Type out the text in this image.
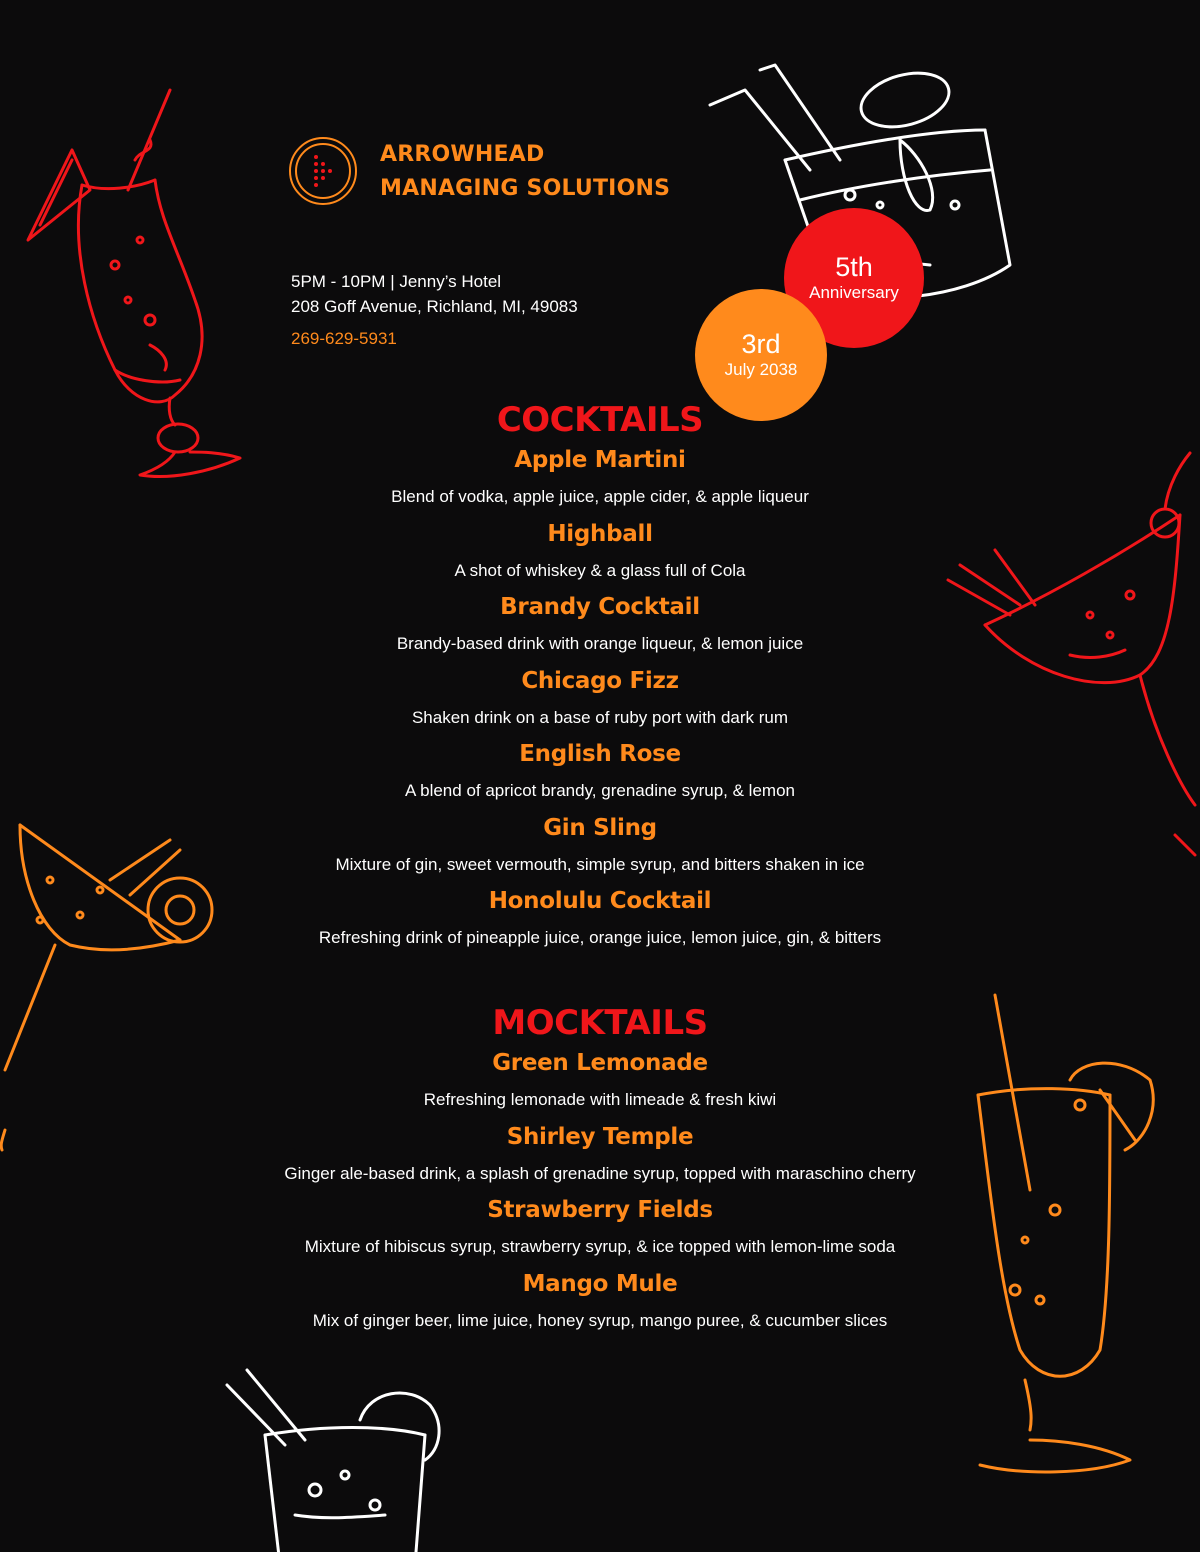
ARROWHEAD
MANAGING SOLUTIONS
5PM - 10PM | Jenny’s Hotel
208 Goff Avenue, Richland, MI, 49083
269-629-5931
5th
Anniversary
3rd
July 2038
COCKTAILS

Apple Martini

Blend of vodka, apple juice, apple cider, & apple liqueur

Highball

A shot of whiskey & a glass full of Cola

Brandy Cocktail

Brandy-based drink with orange liqueur, & lemon juice

Chicago Fizz

Shaken drink on a base of ruby port with dark rum

English Rose

A blend of apricot brandy, grenadine syrup, & lemon

Gin Sling

Mixture of gin, sweet vermouth, simple syrup, and bitters shaken in ice

Honolulu Cocktail

Refreshing drink of pineapple juice, orange juice, lemon juice, gin, & bitters

MOCKTAILS

Green Lemonade

Refreshing lemonade with limeade & fresh kiwi

Shirley Temple

Ginger ale-based drink, a splash of grenadine syrup, topped with maraschino cherry

Strawberry Fields

Mixture of hibiscus syrup, strawberry syrup, & ice topped with lemon-lime soda

Mango Mule

Mix of ginger beer, lime juice, honey syrup, mango puree, & cucumber slices
